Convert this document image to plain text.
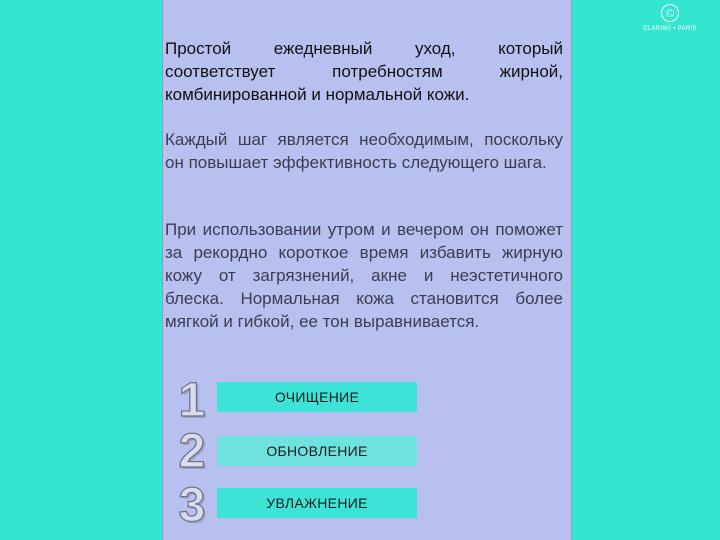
Простой ежедневный уход, который соответствует потребностям жирной, комбинированной и нормальной кожи.

Каждый шаг является необходимым, поскольку он повышает эффективность следующего шага.

При использовании утром и вечером он поможет за рекордно короткое время избавить жирную кожу от загрязнений, акне и неэстетичного блеска. Нормальная кожа становится более мягкой и гибкой, ее тон выравнивается.

1	ОЧИЩЕНИЕ
2	ОБНОВЛЕНИЕ
3	УВЛАЖНЕНИЕ
©
CLARINS • PARIS
